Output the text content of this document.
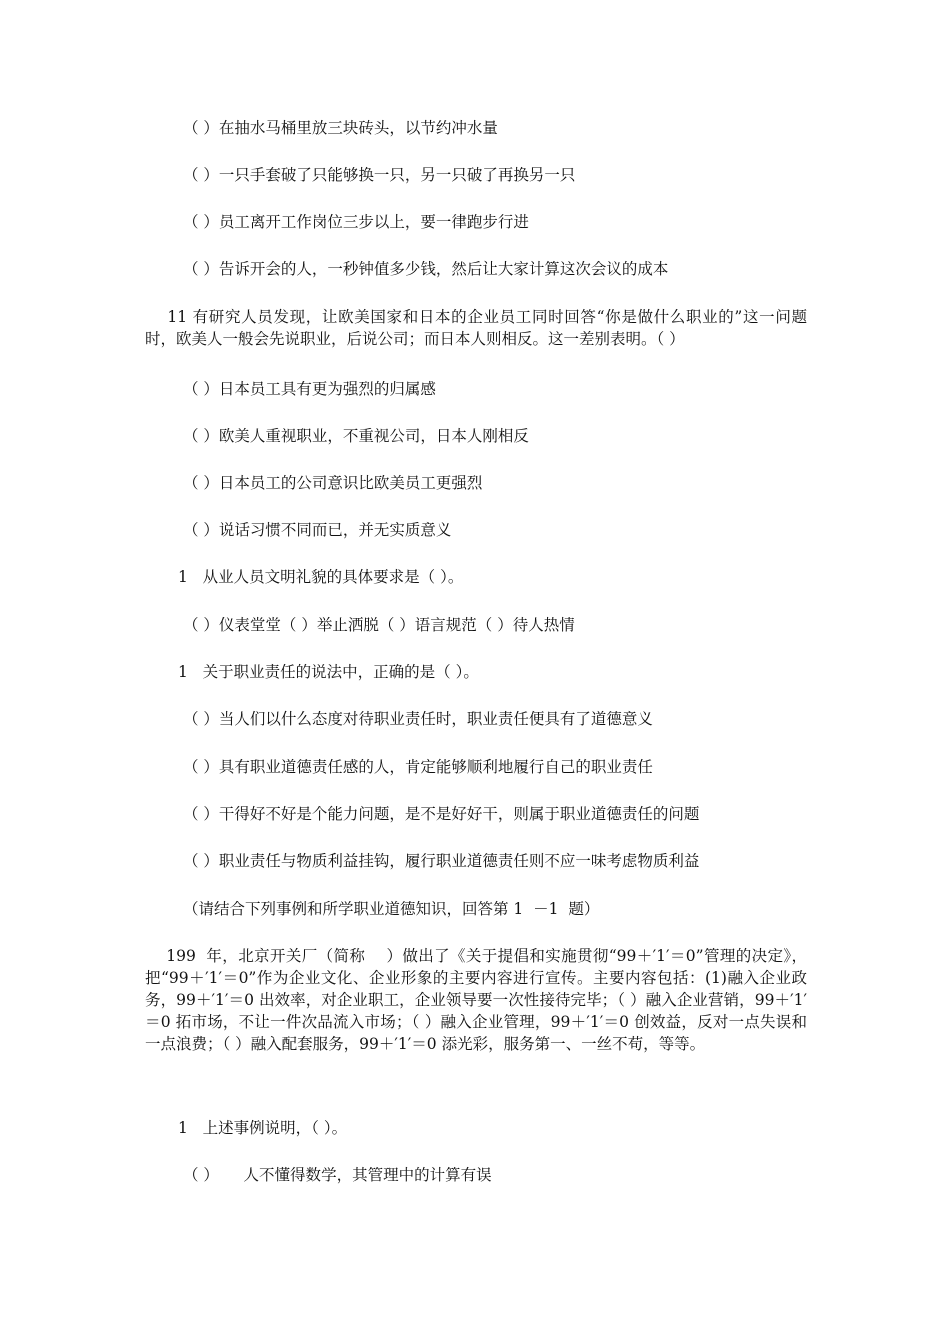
（ ）在抽水马桶里放三块砖头，以节约冲水量
（ ）一只手套破了只能够换一只，另一只破了再换另一只
（ ）员工离开工作岗位三步以上，要一律跑步行进
（ ）告诉开会的人，一秒钟值多少钱，然后让大家计算这次会议的成本
11 有研究人员发现，让欧美国家和日本的企业员工同时回答“你是做什么职业的”这一问题时，欧美人一般会先说职业，后说公司；而日本人则相反。这一差别表明。（ ）
（ ）日本员工具有更为强烈的归属感
（ ）欧美人重视职业，不重视公司，日本人刚相反
（ ）日本员工的公司意识比欧美员工更强烈
（ ）说话习惯不同而已，并无实质意义
1   从业人员文明礼貌的具体要求是（ ）。
（ ）仪表堂堂（ ）举止洒脱（ ）语言规范（ ）待人热情
1   关于职业责任的说法中，正确的是（ ）。
（ ）当人们以什么态度对待职业责任时，职业责任便具有了道德意义
（ ）具有职业道德责任感的人，肯定能够顺利地履行自己的职业责任
（ ）干得好不好是个能力问题，是不是好好干，则属于职业道德责任的问题
（ ）职业责任与物质利益挂钩，履行职业道德责任则不应一味考虑物质利益
（请结合下列事例和所学职业道德知识，回答第 1  －1  题）
199  年，北京开关厂（简称    ）做出了《关于提倡和实施贯彻“99＋′1′＝0”管理的决定》，把“99＋′1′＝0”作为企业文化、企业形象的主要内容进行宣传。主要内容包括：(1)融入企业政务，99＋′1′＝0 出效率，对企业职工，企业领导要一次性接待完毕；（ ）融入企业营销，99＋′1′＝0 拓市场，不让一件次品流入市场；（ ）融入企业管理，99＋′1′＝0 创效益，反对一点失误和一点浪费；（ ）融入配套服务，99＋′1′＝0 添光彩，服务第一、一丝不苟，等等。
1   上述事例说明，（ ）。
（ ）     人不懂得数学，其管理中的计算有误
